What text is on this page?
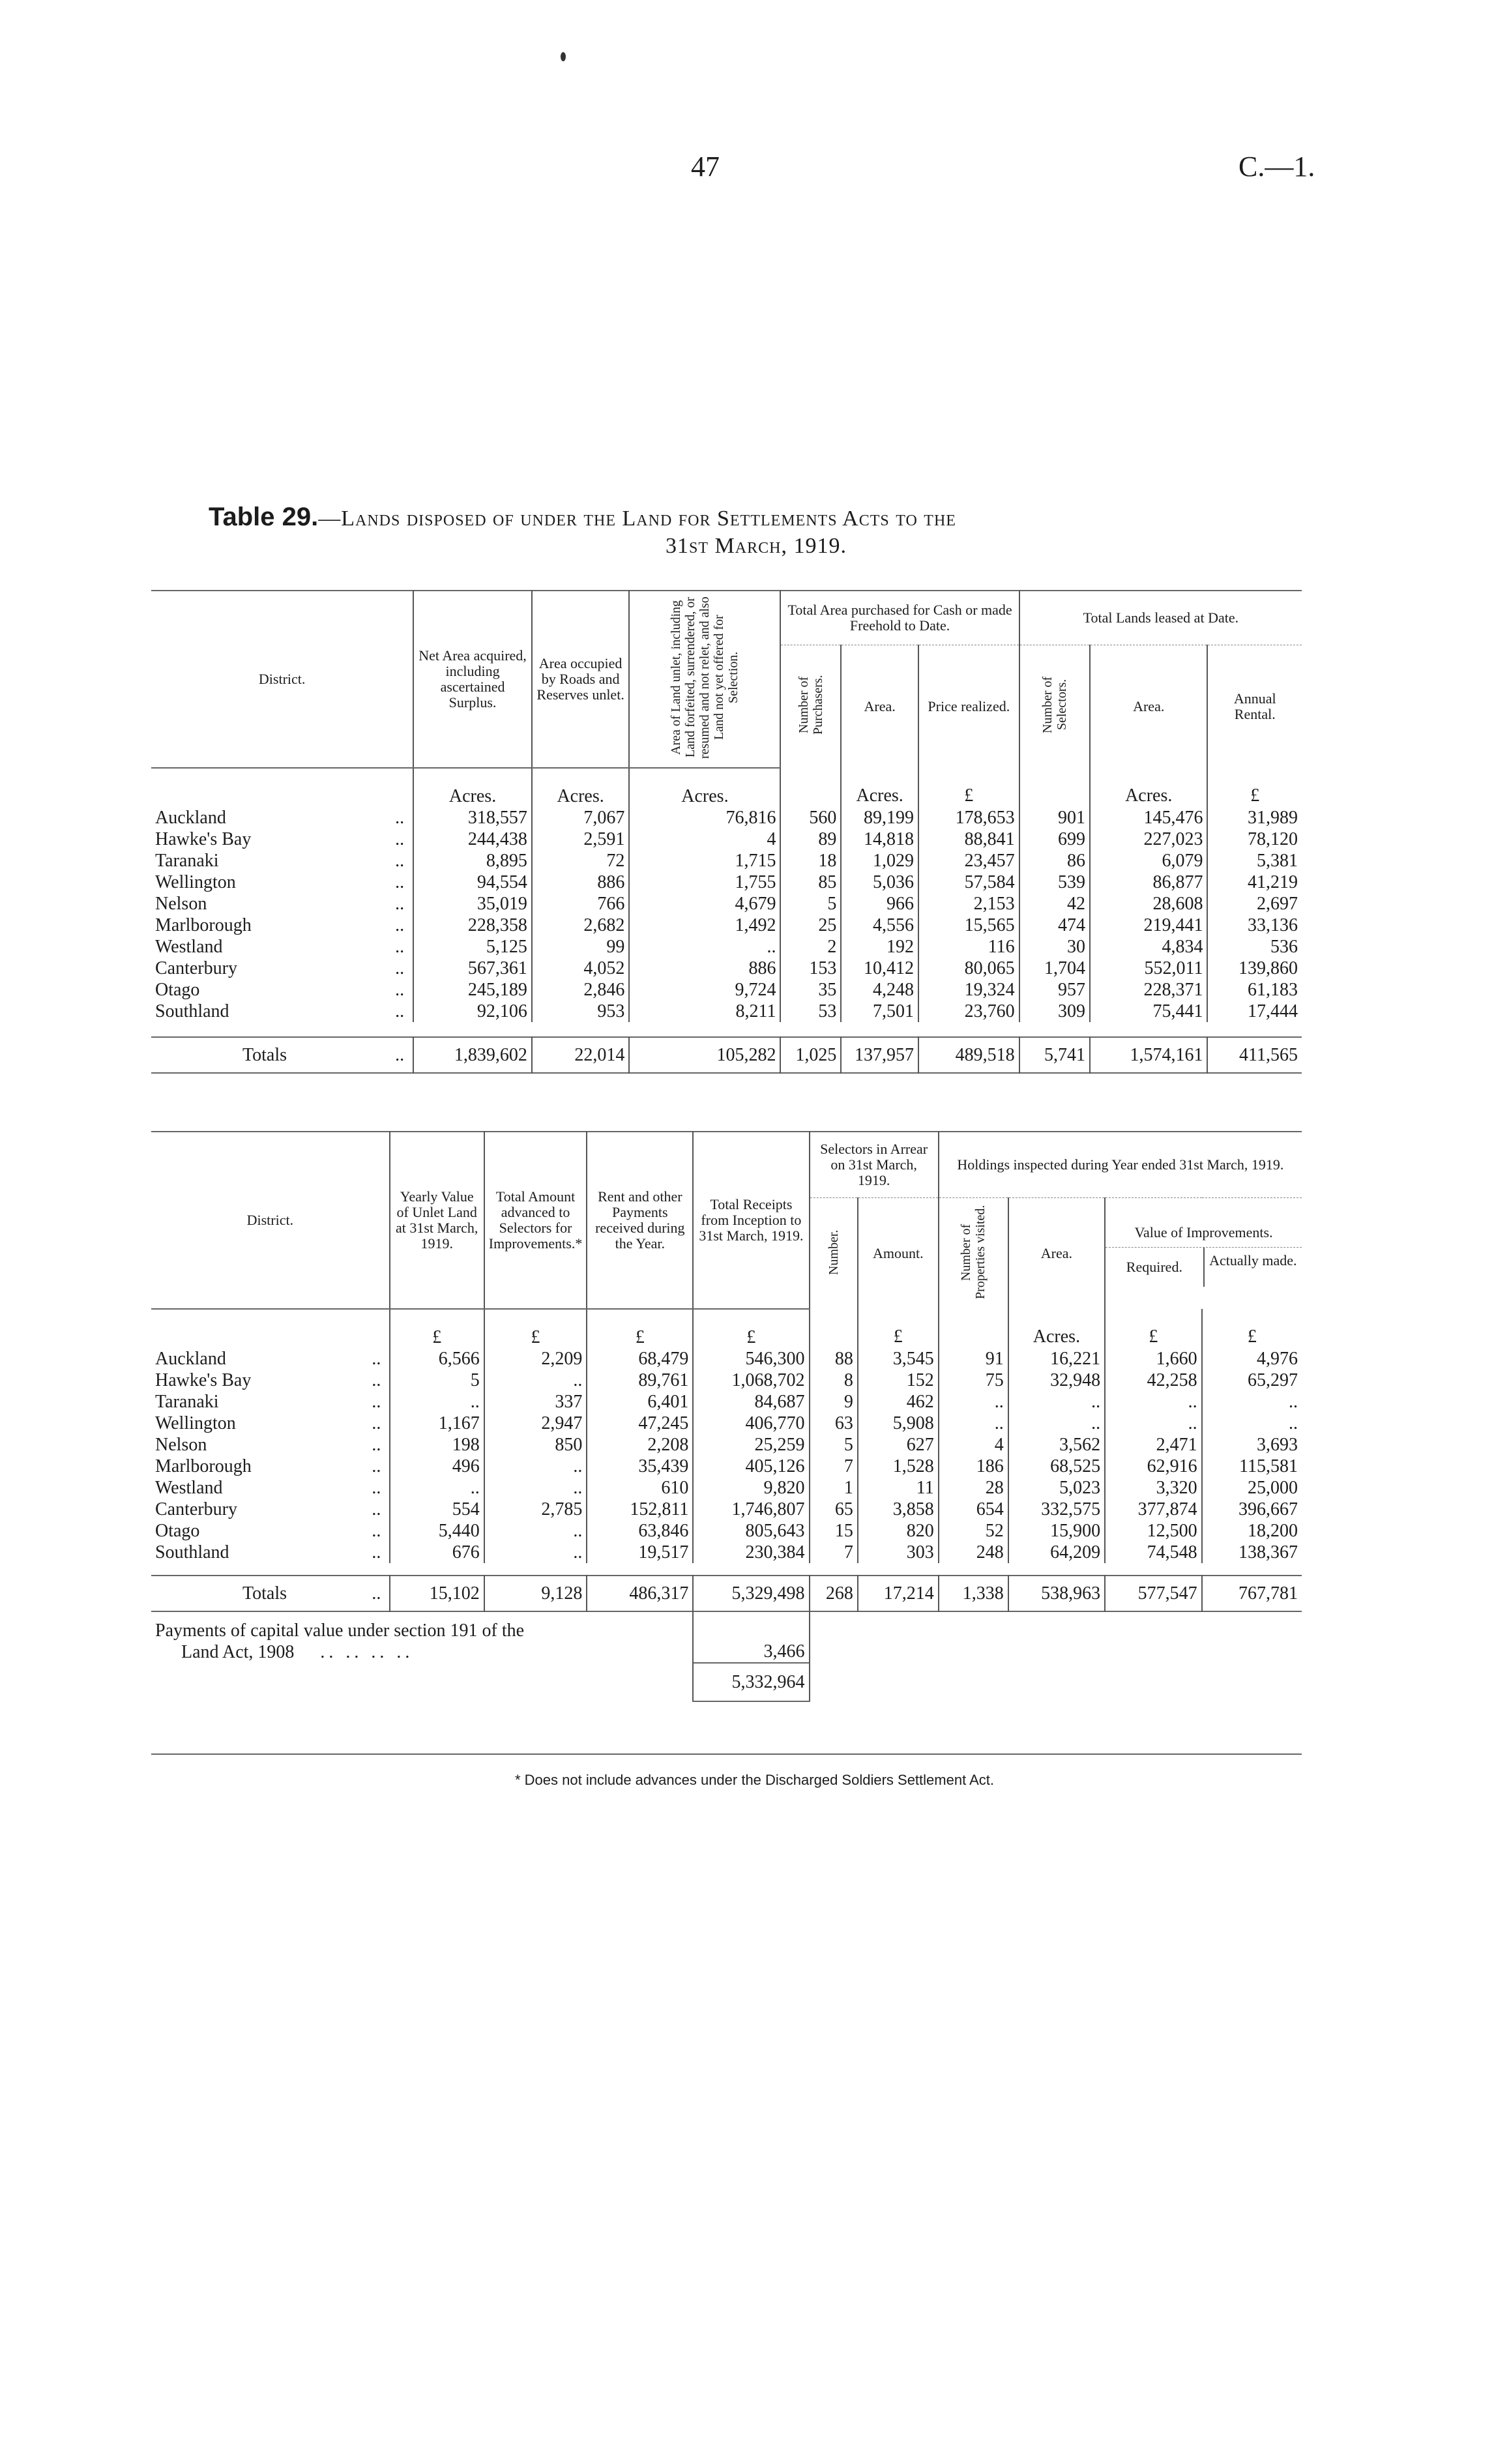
47	C.—1.
Table 29.—Lands disposed of under the Land for Settlements Acts to the
31st March, 1919.
District.		Net Area acquired, including ascertained Surplus.	Area occupied by Roads and Reserves unlet.	Area of Land unlet, including Land forfeited, surrendered, or resumed and not relet, and also Land not yet offered for Selection.	Total Area purchased for Cash or made Freehold to Date.			Total Lands leased at Date.		
					Number of Purchasers.	Area.	Price realized.	Number of Selectors.	Area.	Annual Rental.
		Acres.	Acres.	Acres.		Acres.	£		Acres.	£
Auckland	..	318,557	7,067	76,816	560	89,199	178,653	901	145,476	31,989
Hawke's Bay	..	244,438	2,591	4	89	14,818	88,841	699	227,023	78,120
Taranaki	..	8,895	72	1,715	18	1,029	23,457	86	6,079	5,381
Wellington	..	94,554	886	1,755	85	5,036	57,584	539	86,877	41,219
Nelson	..	35,019	766	4,679	5	966	2,153	42	28,608	2,697
Marlborough	..	228,358	2,682	1,492	25	4,556	15,565	474	219,441	33,136
Westland	..	5,125	99	..	2	192	116	30	4,834	536
Canterbury	..	567,361	4,052	886	153	10,412	80,065	1,704	552,011	139,860
Otago	..	245,189	2,846	9,724	35	4,248	19,324	957	228,371	61,183
Southland	..	92,106	953	8,211	53	7,501	23,760	309	75,441	17,444

Totals	..	1,839,602	22,014	105,282	1,025	137,957	489,518	5,741	1,574,161	411,565
District.		Yearly Value of Unlet Land at 31st March, 1919.	Total Amount advanced to Selectors for Improvements.*	Rent and other Payments received during the Year.	Total Receipts from Inception to 31st March, 1919.	Selectors in Arrear on 31st March, 1919.		Holdings inspected during Year ended 31st March, 1919.			
						Number.	Amount.	Number of Properties visited.	Area.	Value of Improvements.
Required. Actually made.	

		£	£	£	£		£		Acres.	£	£
Auckland	..	6,566	2,209	68,479	546,300	88	3,545	91	16,221	1,660	4,976
Hawke's Bay	..	5	..	89,761	1,068,702	8	152	75	32,948	42,258	65,297
Taranaki	..	..	337	6,401	84,687	9	462	..	..	..	..
Wellington	..	1,167	2,947	47,245	406,770	63	5,908	..	..	..	..
Nelson	..	198	850	2,208	25,259	5	627	4	3,562	2,471	3,693
Marlborough	..	496	..	35,439	405,126	7	1,528	186	68,525	62,916	115,581
Westland	..	..	..	610	9,820	1	11	28	5,023	3,320	25,000
Canterbury	..	554	2,785	152,811	1,746,807	65	3,858	654	332,575	377,874	396,667
Otago	..	5,440	..	63,846	805,643	15	820	52	15,900	12,500	18,200
Southland	..	676	..	19,517	230,384	7	303	248	64,209	74,548	138,367

Totals	..	15,102	9,128	486,317	5,329,498	268	17,214	1,338	538,963	577,547	767,781

Payments of capital value under section 191 of the
Land Act, 1908 .. .. .. ..					3,466						
					5,332,964						
* Does not include advances under the Discharged Soldiers Settlement Act.
